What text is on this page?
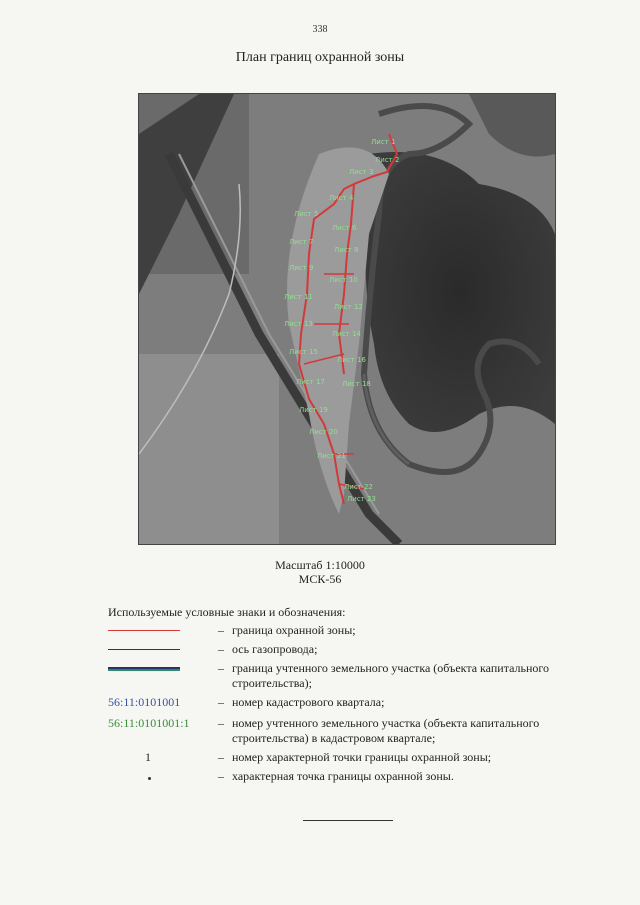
338
План границ охранной зоны
Лист 1
Лист 2
Лист 3
Лист 4
Лист 5
Лист 6
Лист 7
Лист 8
Лист 9
Лист 10
Лист 11
Лист 12
Лист 13
Лист 14
Лист 15
Лист 16
Лист 17 Лист 18
Лист 19
Лист 20
Лист 21
Лист 22
Лист 23
Масштаб 1:10000
МСК-56
Используемые условные знаки и обозначения:
– граница охранной зоны;
– ось газопровода;
– граница учтенного земельного участка (объекта капитального строительства);
56:11:0101001	– номер кадастрового квартала;
56:11:0101001:1	– номер учтенного земельного участка (объекта капитального строительства) в кадастровом квартале;
1	– номер характерной точки границы охранной зоны;
– характерная точка границы охранной зоны.
